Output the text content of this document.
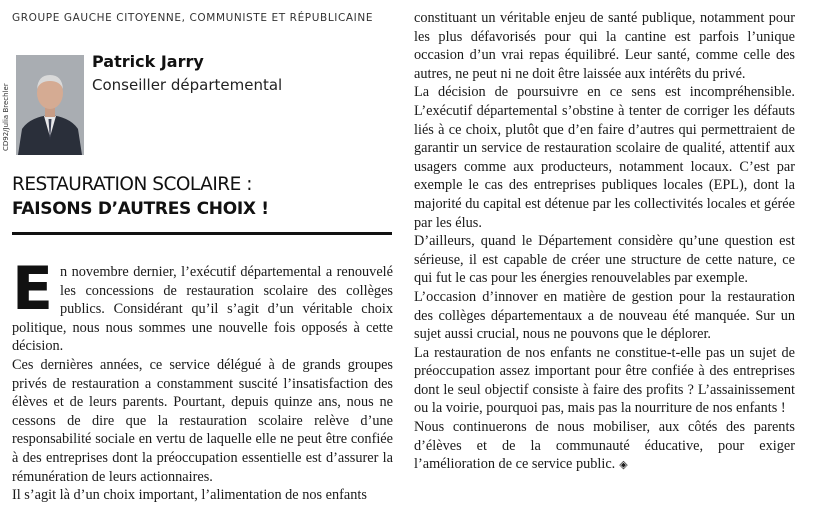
GROUPE GAUCHE CITOYENNE, COMMUNISTE ET RÉPUBLICAINE
CD92/Julia Brechler
Patrick Jarry
Conseiller départemental
RESTAURATION SCOLAIRE :
FAISONS D’AUTRES CHOIX !

En novembre dernier, l’exécutif départemental a renouvelé les concessions de restauration scolaire des collèges publics. Considérant qu’il s’agit d’un véritable choix politique, nous nous sommes une nouvelle fois opposés à cette décision.

Ces dernières années, ce service délégué à de grands groupes privés de restauration a constamment suscité l’insatisfaction des élèves et de leurs parents. Pourtant, depuis quinze ans, nous ne cessons de dire que la restauration scolaire relève d’une responsabilité sociale en vertu de laquelle elle ne peut être confiée à des entreprises dont la préoccupation essentielle est d’assurer la rémunération de leurs actionnaires.

Il s’agit là d’un choix important, l’alimentation de nos enfants

constituant un véritable enjeu de santé publique, notamment pour les plus défavorisés pour qui la cantine est parfois l’unique occasion d’un vrai repas équilibré. Leur santé, comme celle des autres, ne peut ni ne doit être laissée aux intérêts du privé.

La décision de poursuivre en ce sens est incompréhensible. L’exécutif départemental s’obstine à tenter de corriger les défauts liés à ce choix, plutôt que d’en faire d’autres qui permettraient de garantir un service de restauration scolaire de qualité, attentif aux usagers comme aux producteurs, notamment locaux. C’est par exemple le cas des entreprises publiques locales (EPL), dont la majorité du capital est détenue par les collectivités locales et gérée par les élus.

D’ailleurs, quand le Département considère qu’une question est sérieuse, il est capable de créer une structure de cette nature, ce qui fut le cas pour les énergies renouvelables par exemple.

L’occasion d’innover en matière de gestion pour la restauration des collèges départementaux a de nouveau été manquée. Sur un sujet aussi crucial, nous ne pouvons que le déplorer.

La restauration de nos enfants ne constitue-t-elle pas un sujet de préoccupation assez important pour être confiée à des entreprises dont le seul objectif consiste à faire des profits ? L’assainissement ou la voirie, pourquoi pas, mais pas la nourriture de nos enfants !

Nous continuerons de nous mobiliser, aux côtés des parents d’élèves et de la communauté éducative, pour exiger l’amélioration de ce service public. ◈
